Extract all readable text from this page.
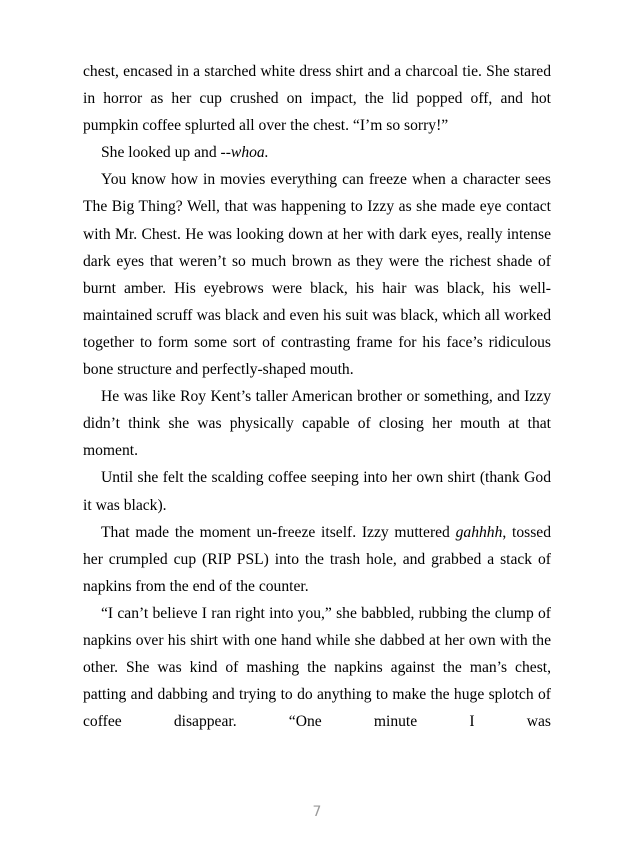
chest, encased in a starched white dress shirt and a charcoal tie. She stared in horror as her cup crushed on impact, the lid popped off, and hot pumpkin coffee splurted all over the chest. “I’m so sorry!”

She looked up and --whoa.

You know how in movies everything can freeze when a character sees The Big Thing? Well, that was happening to Izzy as she made eye contact with Mr. Chest. He was looking down at her with dark eyes, really intense dark eyes that weren’t so much brown as they were the richest shade of burnt amber. His eyebrows were black, his hair was black, his well-maintained scruff was black and even his suit was black, which all worked together to form some sort of contrasting frame for his face’s ridiculous bone structure and perfectly-shaped mouth.

He was like Roy Kent’s taller American brother or something, and Izzy didn’t think she was physically capable of closing her mouth at that moment.

Until she felt the scalding coffee seeping into her own shirt (thank God it was black).

That made the moment un-freeze itself. Izzy muttered gahhhh, tossed her crumpled cup (RIP PSL) into the trash hole, and grabbed a stack of napkins from the end of the counter.

“I can’t believe I ran right into you,” she babbled, rubbing the clump of napkins over his shirt with one hand while she dabbed at her own with the other. She was kind of mashing the napkins against the man’s chest, patting and dabbing and trying to do anything to make the huge splotch of coffee disappear. “One minute I was

7
